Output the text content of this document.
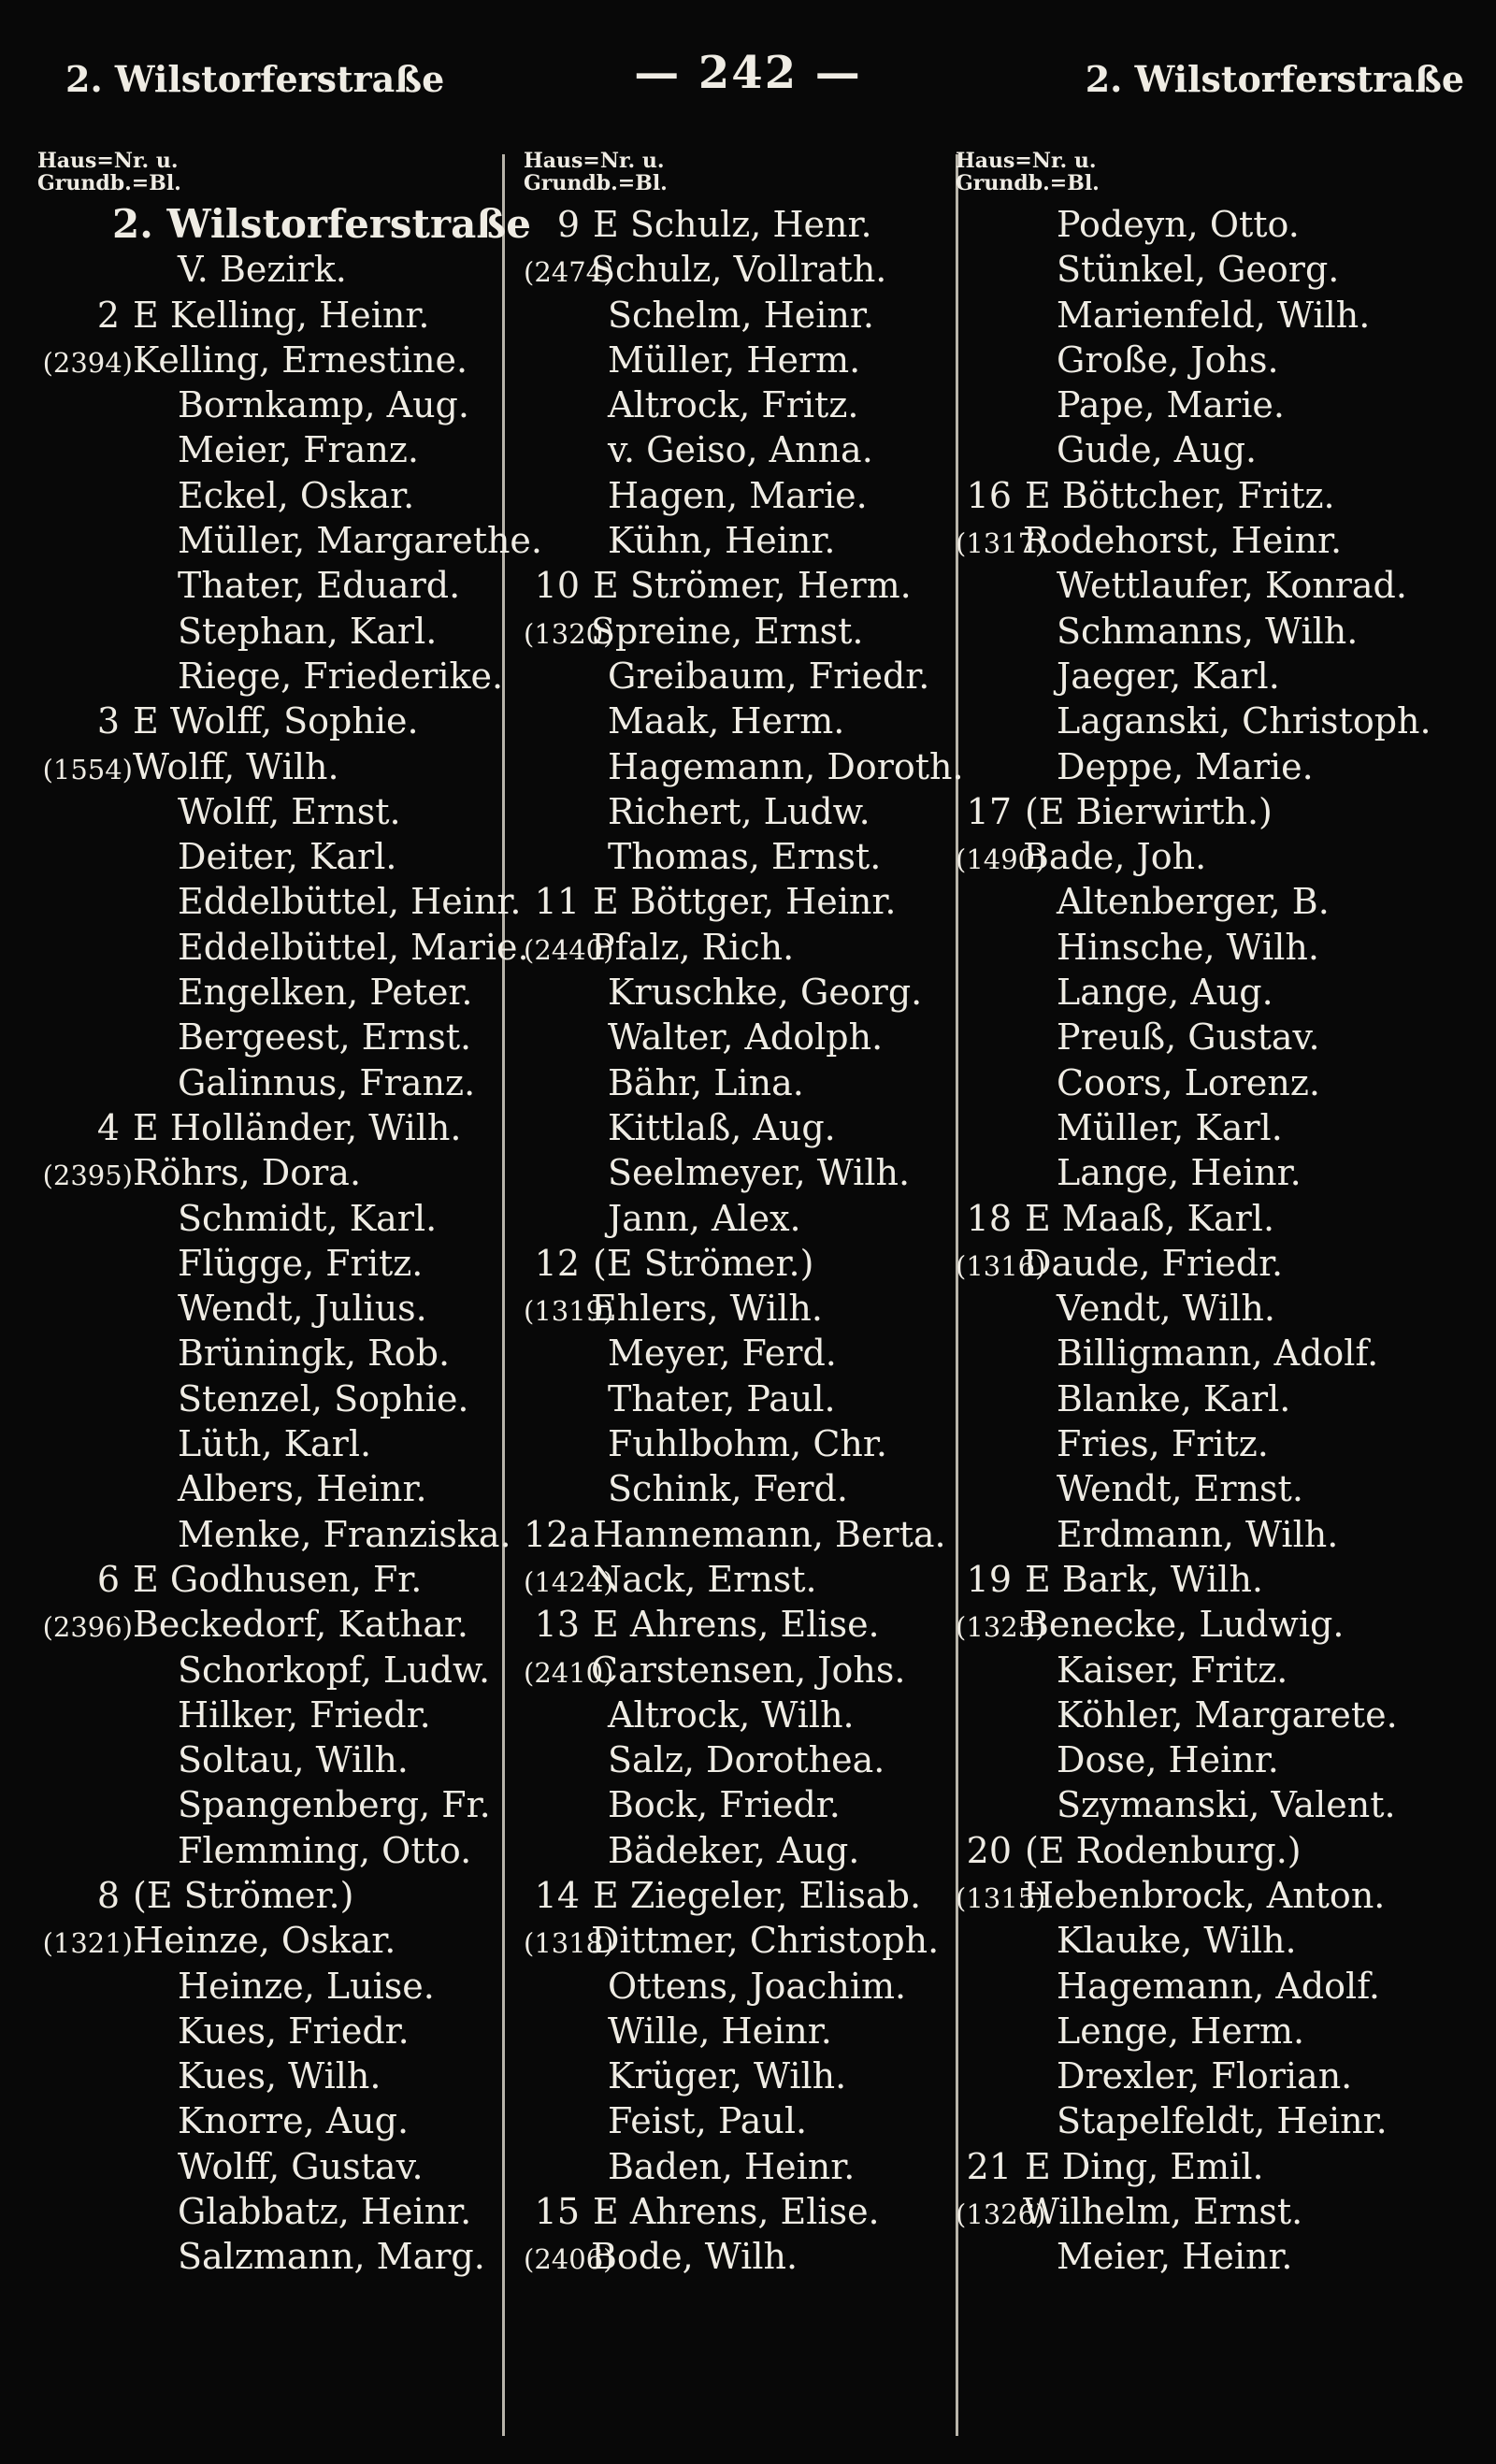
2. Wilstorferstraße	— 242 —	2. Wilstorferstraße
Haus=Nr. u.
Grundb.=Bl.
2. Wilstorferstraße
V. Bezirk.
2 E Kelling, Heinr.
(2394)Kelling, Ernestine.
Bornkamp, Aug.
Meier, Franz.
Eckel, Oskar.
Müller, Margarethe.
Thater, Eduard.
Stephan, Karl.
Riege, Friederike.
3 E Wolff, Sophie.
(1554)Wolff, Wilh.
Wolff, Ernst.
Deiter, Karl.
Eddelbüttel, Heinr.
Eddelbüttel, Marie.
Engelken, Peter.
Bergeest, Ernst.
Galinnus, Franz.
4 E Holländer, Wilh.
(2395)Röhrs, Dora.
Schmidt, Karl.
Flügge, Fritz.
Wendt, Julius.
Brüningk, Rob.
Stenzel, Sophie.
Lüth, Karl.
Albers, Heinr.
Menke, Franziska.
6 E Godhusen, Fr.
(2396)Beckedorf, Kathar.
Schorkopf, Ludw.
Hilker, Friedr.
Soltau, Wilh.
Spangenberg, Fr.
Flemming, Otto.
8 (E Strömer.)
(1321)Heinze, Oskar.
Heinze, Luise.
Kues, Friedr.
Kues, Wilh.
Knorre, Aug.
Wolff, Gustav.
Glabbatz, Heinr.
Salzmann, Marg.
Haus=Nr. u.
Grundb.=Bl.
9 E Schulz, Henr.
(2474)Schulz, Vollrath.
Schelm, Heinr.
Müller, Herm.
Altrock, Fritz.
v. Geiso, Anna.
Hagen, Marie.
Kühn, Heinr.
10 E Strömer, Herm.
(1320)Spreine, Ernst.
Greibaum, Friedr.
Maak, Herm.
Hagemann, Doroth.
Richert, Ludw.
Thomas, Ernst.
11 E Böttger, Heinr.
(2440)Pfalz, Rich.
Kruschke, Georg.
Walter, Adolph.
Bähr, Lina.
Kittlaß, Aug.
Seelmeyer, Wilh.
Jann, Alex.
12 (E Strömer.)
(1319)Ehlers, Wilh.
Meyer, Ferd.
Thater, Paul.
Fuhlbohm, Chr.
Schink, Ferd.
12aHannemann, Berta.
(1424)Nack, Ernst.
13 E Ahrens, Elise.
(2410)Carstensen, Johs.
Altrock, Wilh.
Salz, Dorothea.
Bock, Friedr.
Bädeker, Aug.
14 E Ziegeler, Elisab.
(1318)Dittmer, Christoph.
Ottens, Joachim.
Wille, Heinr.
Krüger, Wilh.
Feist, Paul.
Baden, Heinr.
15 E Ahrens, Elise.
(2406)Bode, Wilh.
Haus=Nr. u.
Grundb.=Bl.
Podeyn, Otto.
Stünkel, Georg.
Marienfeld, Wilh.
Große, Johs.
Pape, Marie.
Gude, Aug.
16 E Böttcher, Fritz.
(1317)Rodehorst, Heinr.
Wettlaufer, Konrad.
Schmanns, Wilh.
Jaeger, Karl.
Laganski, Christoph.
Deppe, Marie.
17 (E Bierwirth.)
(1490)Bade, Joh.
Altenberger, B.
Hinsche, Wilh.
Lange, Aug.
Preuß, Gustav.
Coors, Lorenz.
Müller, Karl.
Lange, Heinr.
18 E Maaß, Karl.
(1316)Daude, Friedr.
Vendt, Wilh.
Billigmann, Adolf.
Blanke, Karl.
Fries, Fritz.
Wendt, Ernst.
Erdmann, Wilh.
19 E Bark, Wilh.
(1325)Benecke, Ludwig.
Kaiser, Fritz.
Köhler, Margarete.
Dose, Heinr.
Szymanski, Valent.
20 (E Rodenburg.)
(1315)Hebenbrock, Anton.
Klauke, Wilh.
Hagemann, Adolf.
Lenge, Herm.
Drexler, Florian.
Stapelfeldt, Heinr.
21 E Ding, Emil.
(1326)Wilhelm, Ernst.
Meier, Heinr.
